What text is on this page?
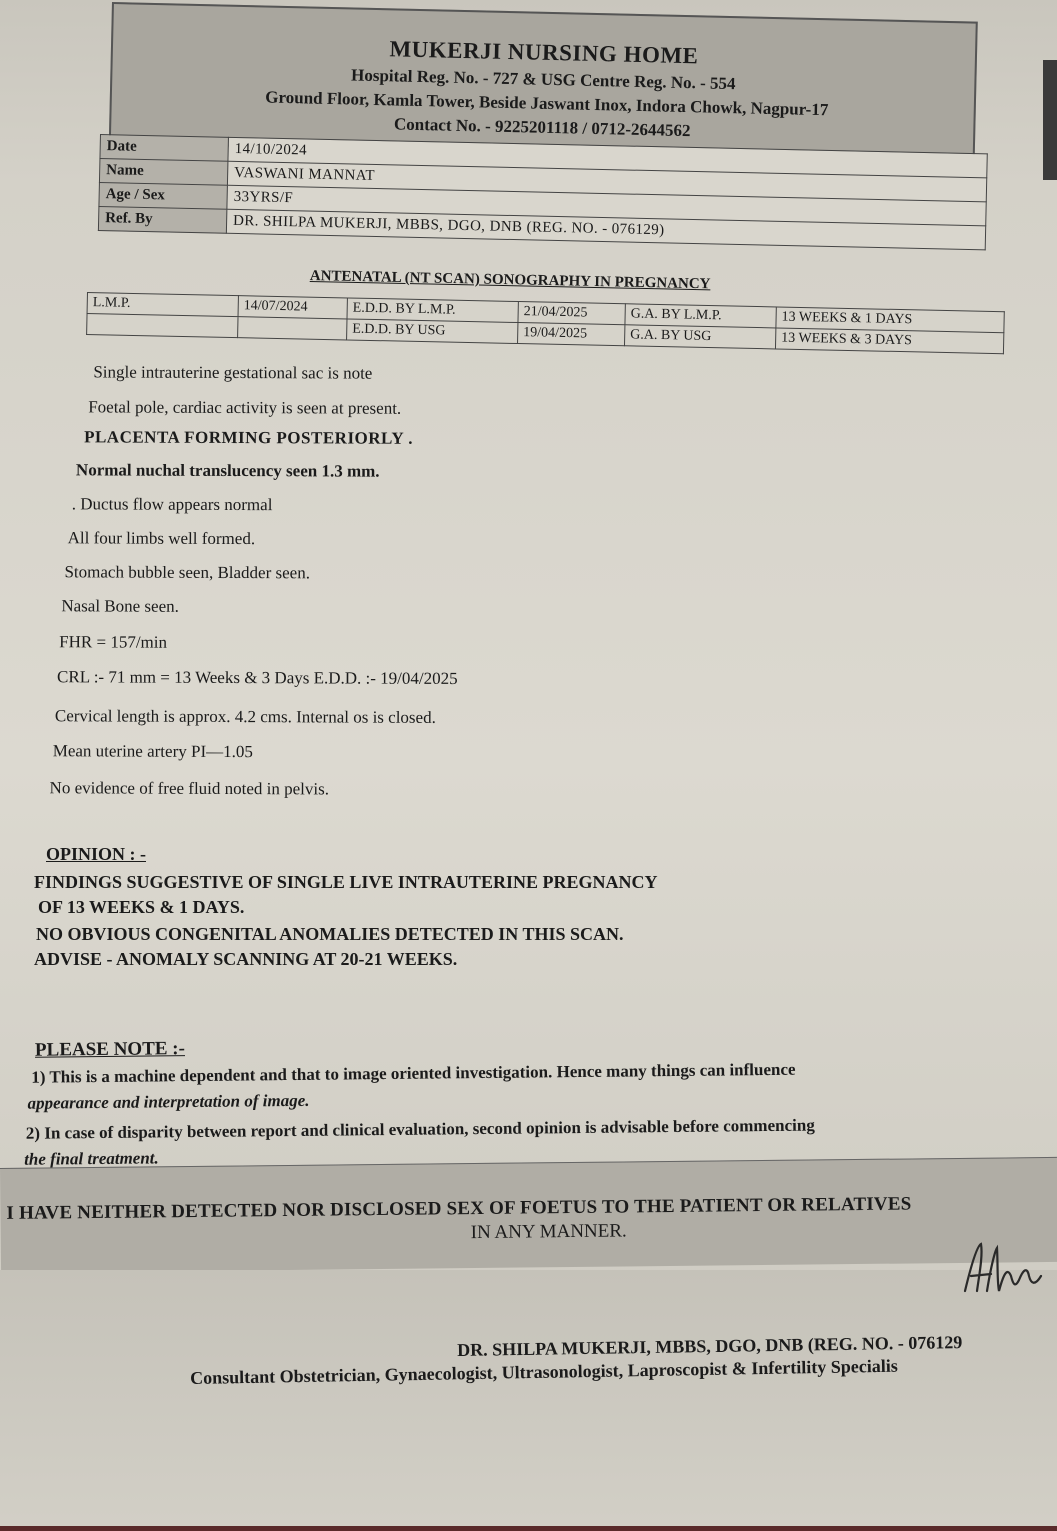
MUKERJI NURSING HOME
Hospital Reg. No. - 727 & USG Centre Reg. No. - 554
Ground Floor, Kamla Tower, Beside Jaswant Inox, Indora Chowk, Nagpur-17
Contact No. - 9225201118 / 0712-2644562
Date	14/10/2024
Name	VASWANI MANNAT
Age / Sex	33YRS/F
Ref. By	DR. SHILPA MUKERJI, MBBS, DGO, DNB (REG. NO. - 076129)
ANTENATAL (NT SCAN) SONOGRAPHY IN PREGNANCY
L.M.P.	14/07/2024	E.D.D. BY L.M.P.	21/04/2025	G.A. BY L.M.P.	13 WEEKS & 1 DAYS
		E.D.D. BY USG	19/04/2025	G.A. BY USG	13 WEEKS & 3 DAYS
Single intrauterine gestational sac is note
Foetal pole, cardiac activity is seen at present.
PLACENTA FORMING POSTERIORLY .
Normal nuchal translucency seen 1.3 mm.
. Ductus flow appears normal
All four limbs well formed.
Stomach bubble seen, Bladder seen.
Nasal Bone seen.
FHR = 157/min
CRL :- 71 mm = 13 Weeks & 3 Days E.D.D. :- 19/04/2025
Cervical length is approx. 4.2 cms. Internal os is closed.
Mean uterine artery PI—1.05
No evidence of free fluid noted in pelvis.
OPINION : -
FINDINGS SUGGESTIVE OF SINGLE LIVE INTRAUTERINE PREGNANCY
OF 13 WEEKS & 1 DAYS.
NO OBVIOUS CONGENITAL ANOMALIES DETECTED IN THIS SCAN.
ADVISE - ANOMALY SCANNING AT 20-21 WEEKS.
PLEASE NOTE :-
1) This is a machine dependent and that to image oriented investigation. Hence many things can influence
appearance and interpretation of image.
2) In case of disparity between report and clinical evaluation, second opinion is advisable before commencing
the final treatment.
I HAVE NEITHER DETECTED NOR DISCLOSED SEX OF FOETUS TO THE PATIENT OR RELATIVES
IN ANY MANNER.
DR. SHILPA MUKERJI, MBBS, DGO, DNB (REG. NO. - 076129
Consultant Obstetrician, Gynaecologist, Ultrasonologist, Laproscopist & Infertility Specialis
